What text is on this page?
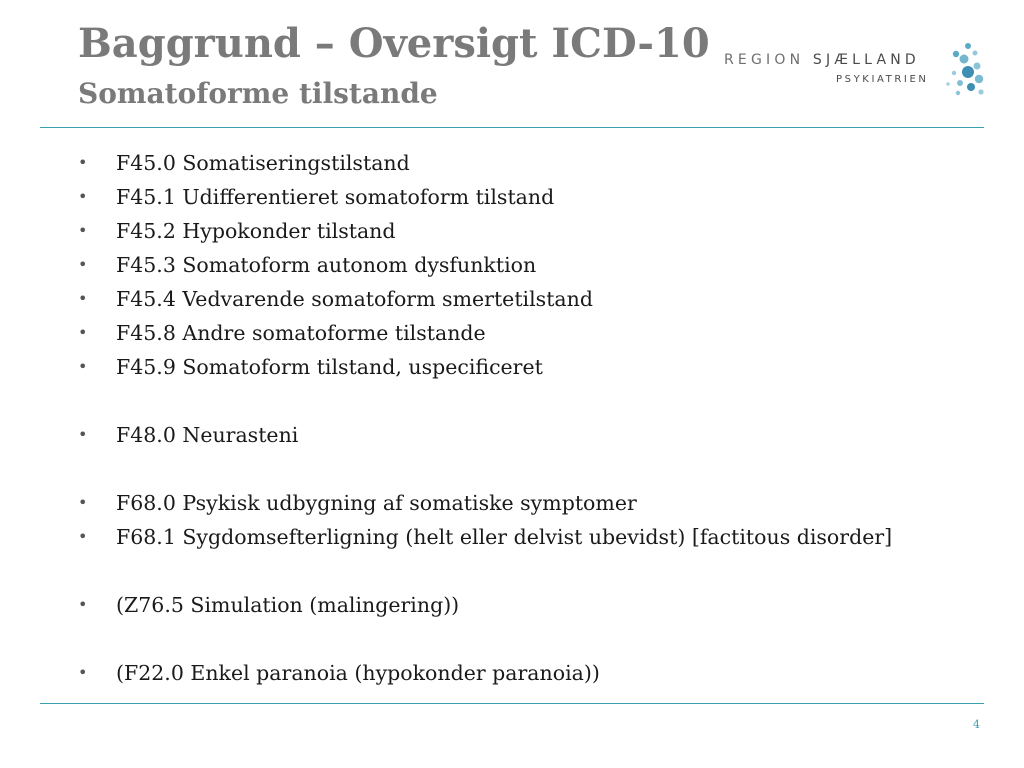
Baggrund – Oversigt ICD-10
Somatoforme tilstande
REGION SJÆLLAND
PSYKIATRIEN
• F45.0 Somatiseringstilstand
• F45.1 Udifferentieret somatoform tilstand
• F45.2 Hypokonder tilstand
• F45.3 Somatoform autonom dysfunktion
• F45.4 Vedvarende somatoform smertetilstand
• F45.8 Andre somatoforme tilstande
• F45.9 Somatoform tilstand, uspecificeret
• F48.0 Neurasteni
• F68.0 Psykisk udbygning af somatiske symptomer
• F68.1 Sygdomsefterligning (helt eller delvist ubevidst) [factitous disorder]
• (Z76.5 Simulation (malingering))
• (F22.0 Enkel paranoia (hypokonder paranoia))
4
